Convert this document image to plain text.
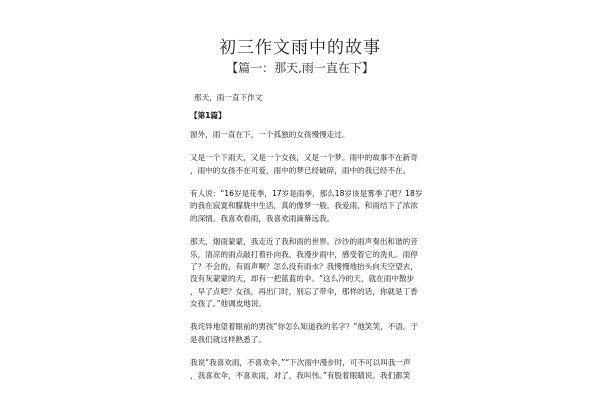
初三作文雨中的故事
【篇一：那天,雨一直在下】
那天，雨一直下作文
【第1篇】
窗外，雨一直在下，一个孤独的女孩慢慢走过。
又是一个下雨天，又是一个女孩，又是一个梦。雨中的故事不在新奇
，雨中的女孩不在可爱，雨中的梦已经破碎，雨中的我已经不在。
有人说：“16岁是花季，17岁是雨季，那么18岁该是雾季了吧？18岁
的我在寂寞和朦胧中生活，真的像梦一般。我爱雨，和雨结下了浓浓
的深情。我喜欢看雨，我喜欢雨滴幕远我。
那天，烟雨蒙蒙，我走近了我和雨的世界。沙沙的雨声奏出和谐的音
乐，清凉的雨点敲打着扑向我。我漫步雨中，感受着它的洗礼。雨停
了？不会的，有雨声啊？怎么没有雨水？我慢慢地抬头向天空望去，
没有灰蒙蒙的天，却有一把蓝蓝的伞。“这么冷的天，就在雨中散步
，早了点吧？女孩，再出门时，别忘了带伞，那样的话，你就是丁香
女孩了。”他调皮地说。
我诧异地望着眼前的男孩“你怎么知道我的名字？”他笑笑，不语。于
是我们就这样熟悉了。
我说“我喜欢雨，不喜欢伞。”“下次雨中漫步时，可不可以叫我一声
，我喜欢伞，不喜欢雨，对了，我叫伟。”有股着眼睛说。我们都笑
